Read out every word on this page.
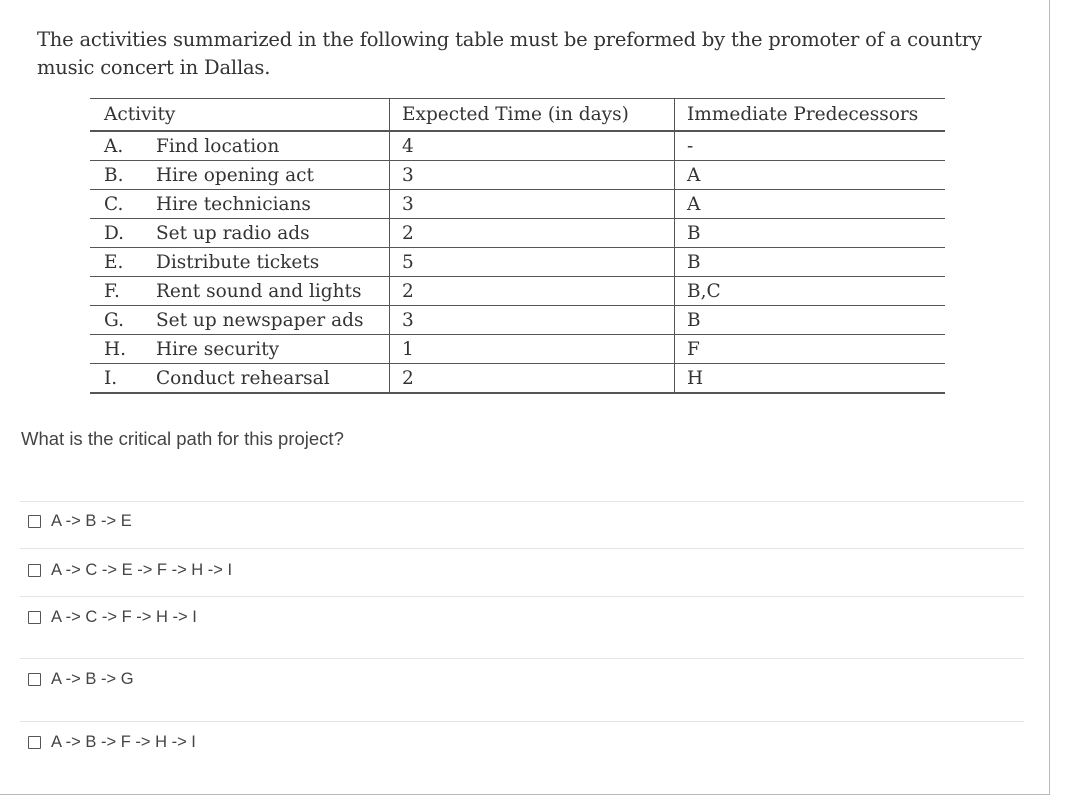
The activities summarized in the following table must be preformed by the promoter of a country
music concert in Dallas.
Activity	Expected Time (in days)	Immediate Predecessors
A. Find location	4	-
B. Hire opening act	3	A
C. Hire technicians	3	A
D. Set up radio ads	2	B
E. Distribute tickets	5	B
F. Rent sound and lights	2	B,C
G. Set up newspaper ads	3	B
H. Hire security	1	F
I. Conduct rehearsal	2	H
What is the critical path for this project?
A -> B -> E
A -> C -> E -> F -> H -> I
A -> C -> F -> H -> I
A -> B -> G
A -> B -> F -> H -> I
